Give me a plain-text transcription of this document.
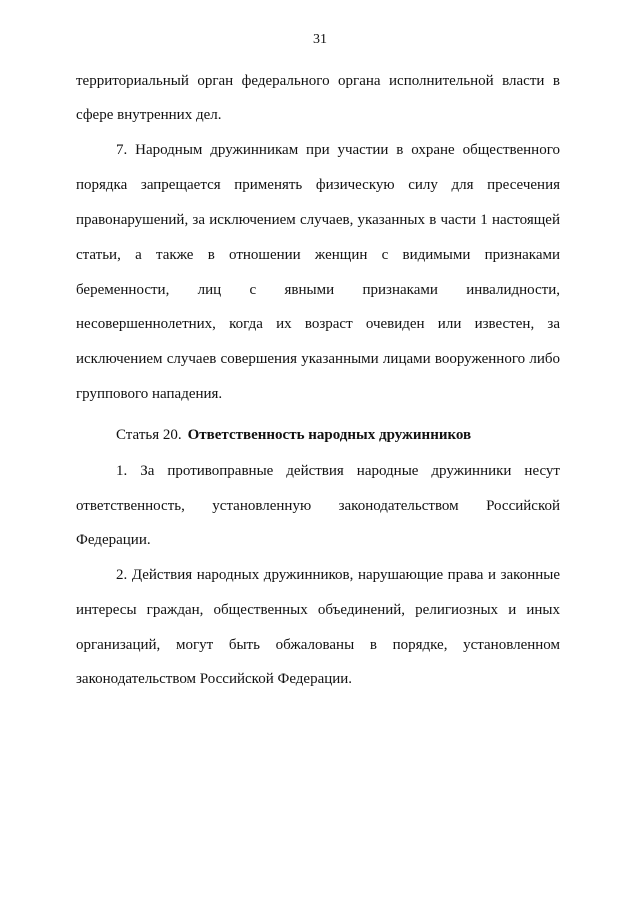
31
территориальный орган федерального органа исполнительной власти в
сфере внутренних дел.
7. Народным дружинникам при участии в охране общественного
порядка запрещается применять физическую силу для пресечения
правонарушений, за исключением случаев, указанных в части 1 настоящей
статьи, а также в отношении женщин с видимыми признаками
беременности, лиц с явными признаками инвалидности,
несовершеннолетних, когда их возраст очевиден или известен, за
исключением случаев совершения указанными лицами вооруженного либо
группового нападения.
Статья 20. Ответственность народных дружинников
1. За противоправные действия народные дружинники несут
ответственность, установленную законодательством Российской
Федерации.
2. Действия народных дружинников, нарушающие права и законные
интересы граждан, общественных объединений, религиозных и иных
организаций, могут быть обжалованы в порядке, установленном
законодательством Российской Федерации.
